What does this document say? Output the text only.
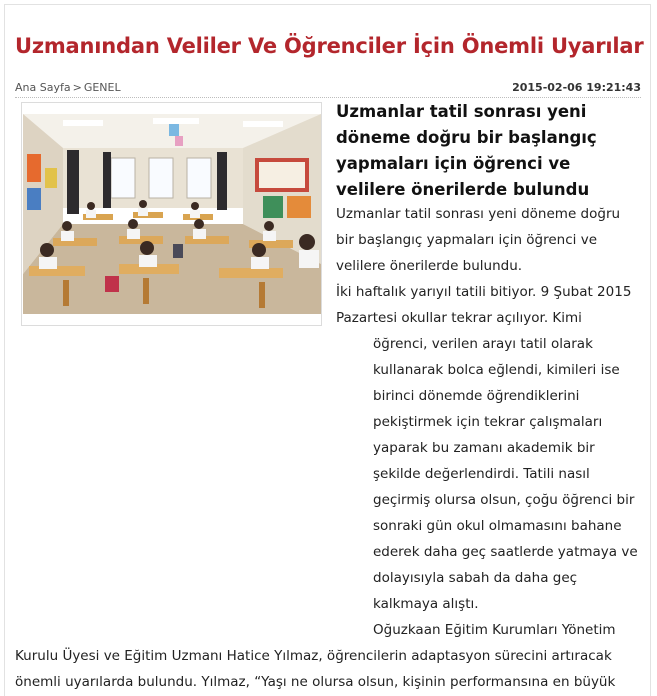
Uzmanından Veliler Ve Öğrenciler İçin Önemli Uyarılar
Ana Sayfa > GENEL	2015-02-06 19:21:43
Uzmanlar tatil sonrası yeni döneme doğru bir başlangıç yapmaları için öğrenci ve velilere önerilerde bulundu

Uzmanlar tatil sonrası yeni döneme doğru bir başlangıç yapmaları için öğrenci ve velilere önerilerde bulundu.

İki haftalık yarıyıl tatili bitiyor. 9 Şubat 2015 Pazartesi okullar tekrar açılıyor. Kimi

öğrenci, verilen arayı tatil olarak kullanarak bolca eğlendi, kimileri ise birinci dönemde öğrendiklerini pekiştirmek için tekrar çalışmaları yaparak bu zamanı akademik bir şekilde değerlendirdi. Tatili nasıl geçirmiş olursa olsun, çoğu öğrenci bir sonraki gün okul olmamasını bahane ederek daha geç saatlerde yatmaya ve dolayısıyla sabah da daha geç kalkmaya alıştı.

Oğuzkaan Eğitim Kurumları Yönetim Kurulu Üyesi ve Eğitim Uzmanı Hatice Yılmaz, öğrencilerin adaptasyon sürecini artıracak önemli uyarılarda bulundu. Yılmaz, “Yaşı ne olursa olsun, kişinin performansına en büyük
